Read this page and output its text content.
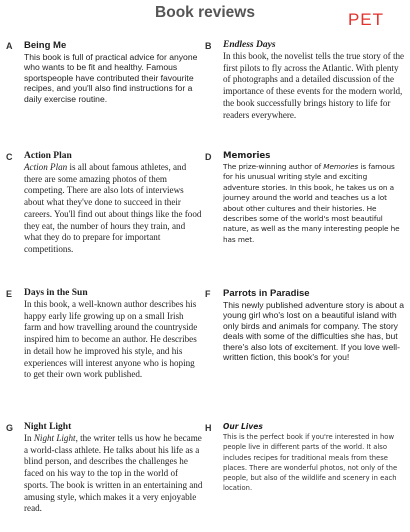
Book reviews	PET
A Being Me

This book is full of practical advice for anyone who wants to be fit and healthy. Famous sportspeople have contributed their favourite recipes, and you'll also find instructions for a daily exercise routine.

B Endless Days

In this book, the novelist tells the true story of the first pilots to fly across the Atlantic. With plenty of photographs and a detailed discussion of the importance of these events for the modern world, the book successfully brings history to life for readers everywhere.

C Action Plan

Action Plan is all about famous athletes, and there are some amazing photos of them competing. There are also lots of interviews about what they've done to succeed in their careers. You'll find out about things like the food they eat, the number of hours they train, and what they do to prepare for important competitions.

D Memories

The prize-winning author of Memories is famous for his unusual writing style and exciting adventure stories. In this book, he takes us on a journey around the world and teaches us a lot about other cultures and their histories. He describes some of the world's most beautiful nature, as well as the many interesting people he has met.

E Days in the Sun

In this book, a well-known author describes his happy early life growing up on a small Irish farm and how travelling around the countryside inspired him to become an author. He describes in detail how he improved his style, and his experiences will interest anyone who is hoping to get their own work published.

F Parrots in Paradise

This newly published adventure story is about a young girl who's lost on a beautiful island with only birds and animals for company. The story deals with some of the difficulties she has, but there's also lots of excitement. If you love well-written fiction, this book's for you!

G Night Light

In Night Light, the writer tells us how he became a world-class athlete. He talks about his life as a blind person, and describes the challenges he faced on his way to the top in the world of sports. The book is written in an entertaining and amusing style, which makes it a very enjoyable read.

H Our Lives

This is the perfect book if you're interested in how people live in different parts of the world. It also includes recipes for traditional meals from these places. There are wonderful photos, not only of the people, but also of the wildlife and scenery in each location.
